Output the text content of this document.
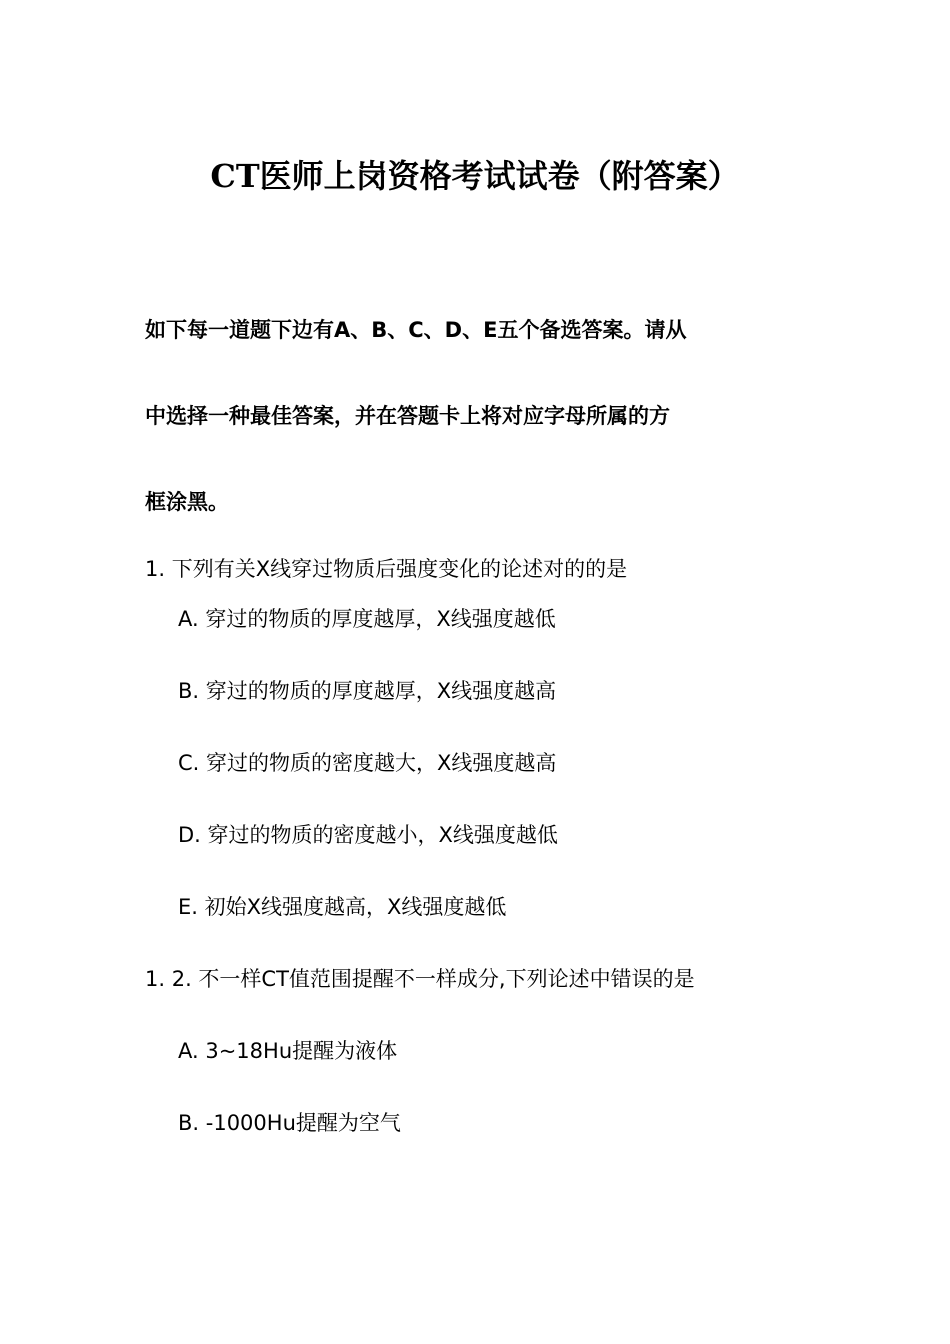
CT医师上岗资格考试试卷（附答案）
如下每一道题下边有A、B、C、D、E五个备选答案。请从
中选择一种最佳答案，并在答题卡上将对应字母所属的方
框涂黑。
1. 下列有关X线穿过物质后强度变化的论述对的的是
A. 穿过的物质的厚度越厚，X线强度越低
B. 穿过的物质的厚度越厚，X线强度越高
C. 穿过的物质的密度越大，X线强度越高
D. 穿过的物质的密度越小，X线强度越低
E. 初始X线强度越高，X线强度越低
1. 2. 不一样CT值范围提醒不一样成分,下列论述中错误的是
A. 3~18Hu提醒为液体
B. -1000Hu提醒为空气
